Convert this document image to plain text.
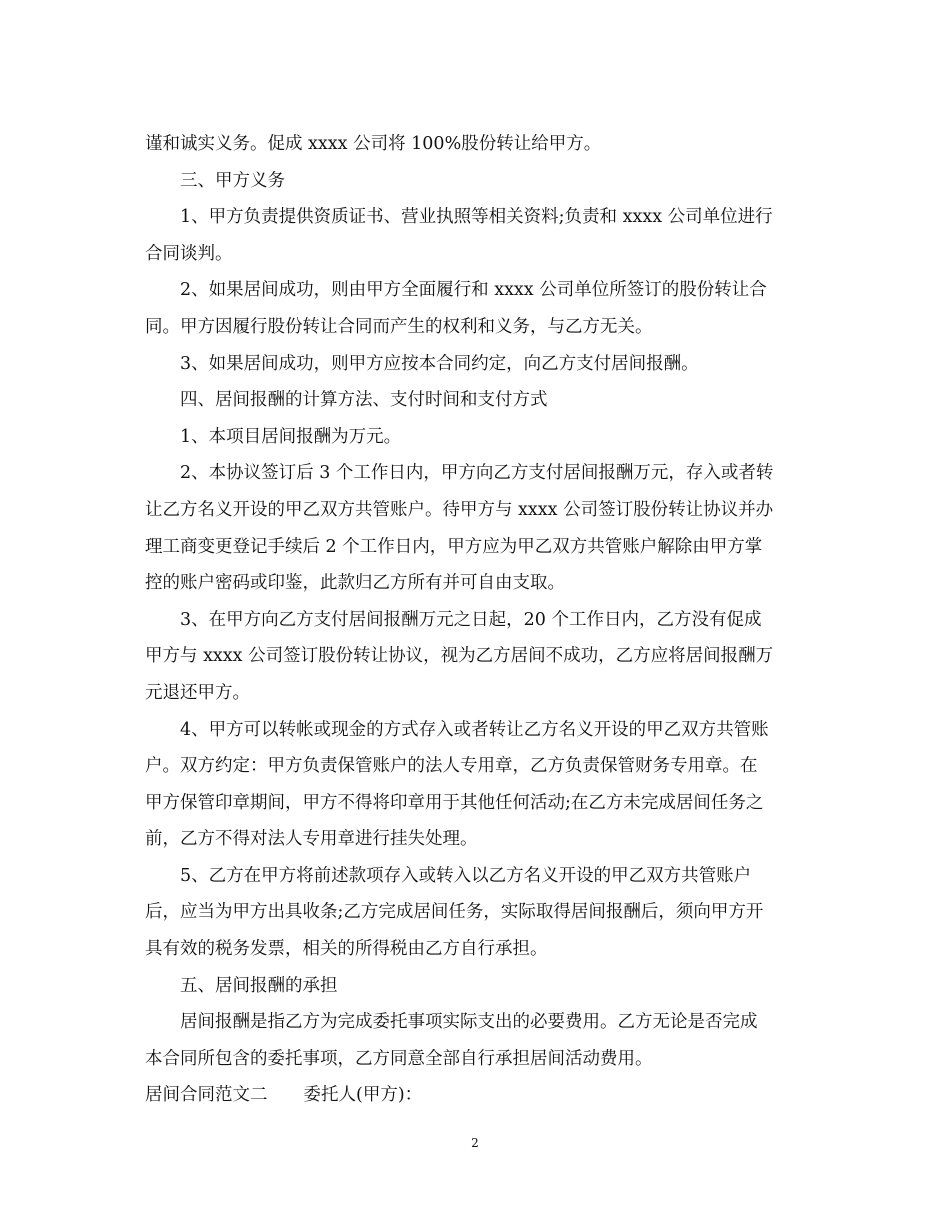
谨和诚实义务。促成 xxxx 公司将 100%股份转让给甲方。
三、甲方义务
1、甲方负责提供资质证书、营业执照等相关资料;负责和 xxxx 公司单位进行
合同谈判。
2、如果居间成功，则由甲方全面履行和 xxxx 公司单位所签订的股份转让合
同。甲方因履行股份转让合同而产生的权利和义务，与乙方无关。
3、如果居间成功，则甲方应按本合同约定，向乙方支付居间报酬。
四、居间报酬的计算方法、支付时间和支付方式
1、本项目居间报酬为万元。
2、本协议签订后 3 个工作日内，甲方向乙方支付居间报酬万元，存入或者转
让乙方名义开设的甲乙双方共管账户。待甲方与 xxxx 公司签订股份转让协议并办
理工商变更登记手续后 2 个工作日内，甲方应为甲乙双方共管账户解除由甲方掌
控的账户密码或印鉴，此款归乙方所有并可自由支取。
3、在甲方向乙方支付居间报酬万元之日起，20 个工作日内，乙方没有促成
甲方与 xxxx 公司签订股份转让协议，视为乙方居间不成功，乙方应将居间报酬万
元退还甲方。
4、甲方可以转帐或现金的方式存入或者转让乙方名义开设的甲乙双方共管账
户。双方约定：甲方负责保管账户的法人专用章，乙方负责保管财务专用章。在
甲方保管印章期间，甲方不得将印章用于其他任何活动;在乙方未完成居间任务之
前，乙方不得对法人专用章进行挂失处理。
5、乙方在甲方将前述款项存入或转入以乙方名义开设的甲乙双方共管账户
后，应当为甲方出具收条;乙方完成居间任务，实际取得居间报酬后，须向甲方开
具有效的税务发票，相关的所得税由乙方自行承担。
五、居间报酬的承担
居间报酬是指乙方为完成委托事项实际支出的必要费用。乙方无论是否完成
本合同所包含的委托事项，乙方同意全部自行承担居间活动费用。
居间合同范文二 委托人(甲方)：
2
